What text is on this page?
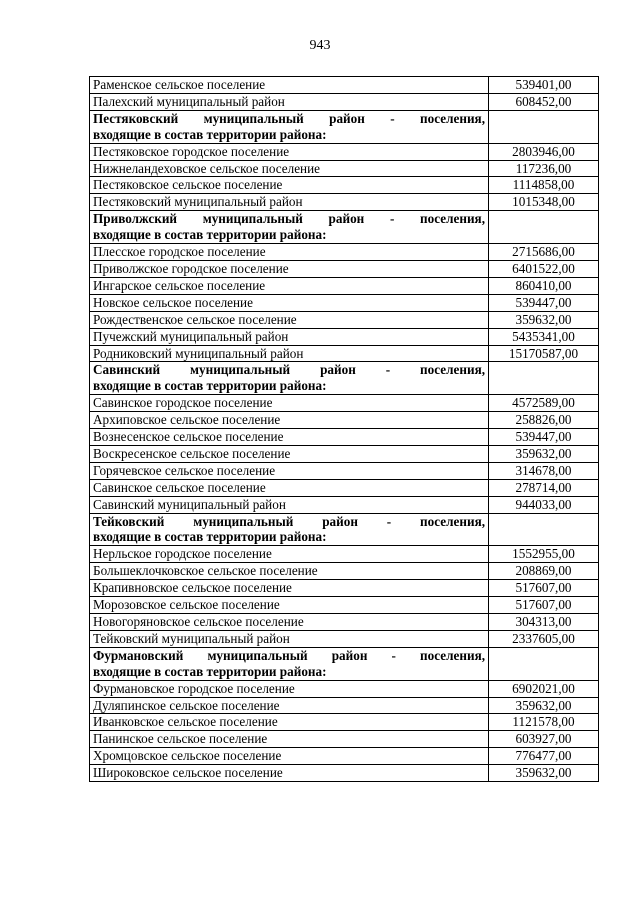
943
Раменское сельское поселение	539401,00
Палехский муниципальный район	608452,00

Пестяковский муниципальный район - поселения,
входящие в состав территории района:	

Пестяковское городское поселение	2803946,00
Нижнеландеховское сельское поселение	117236,00
Пестяковское сельское поселение	1114858,00
Пестяковский муниципальный район	1015348,00

Приволжский муниципальный район - поселения,
входящие в состав территории района:	

Плесское городское поселение	2715686,00
Приволжское городское поселение	6401522,00
Ингарское сельское поселение	860410,00
Новское сельское поселение	539447,00
Рождественское сельское поселение	359632,00
Пучежский муниципальный район	5435341,00
Родниковский муниципальный район	15170587,00

Савинский муниципальный район - поселения,
входящие в состав территории района:	

Савинское городское поселение	4572589,00
Архиповское сельское поселение	258826,00
Вознесенское сельское поселение	539447,00
Воскресенское сельское поселение	359632,00
Горячевское сельское поселение	314678,00
Савинское сельское поселение	278714,00
Савинский муниципальный район	944033,00

Тейковский муниципальный район - поселения,
входящие в состав территории района:	

Нерльское городское поселение	1552955,00
Большеклочковское сельское поселение	208869,00
Крапивновское сельское поселение	517607,00
Морозовское сельское поселение	517607,00
Новогоряновское сельское поселение	304313,00
Тейковский муниципальный район	2337605,00

Фурмановский муниципальный район - поселения,
входящие в состав территории района:	

Фурмановское городское поселение	6902021,00
Дуляпинское сельское поселение	359632,00
Иванковское сельское поселение	1121578,00
Панинское сельское поселение	603927,00
Хромцовское сельское поселение	776477,00
Широковское сельское поселение	359632,00
